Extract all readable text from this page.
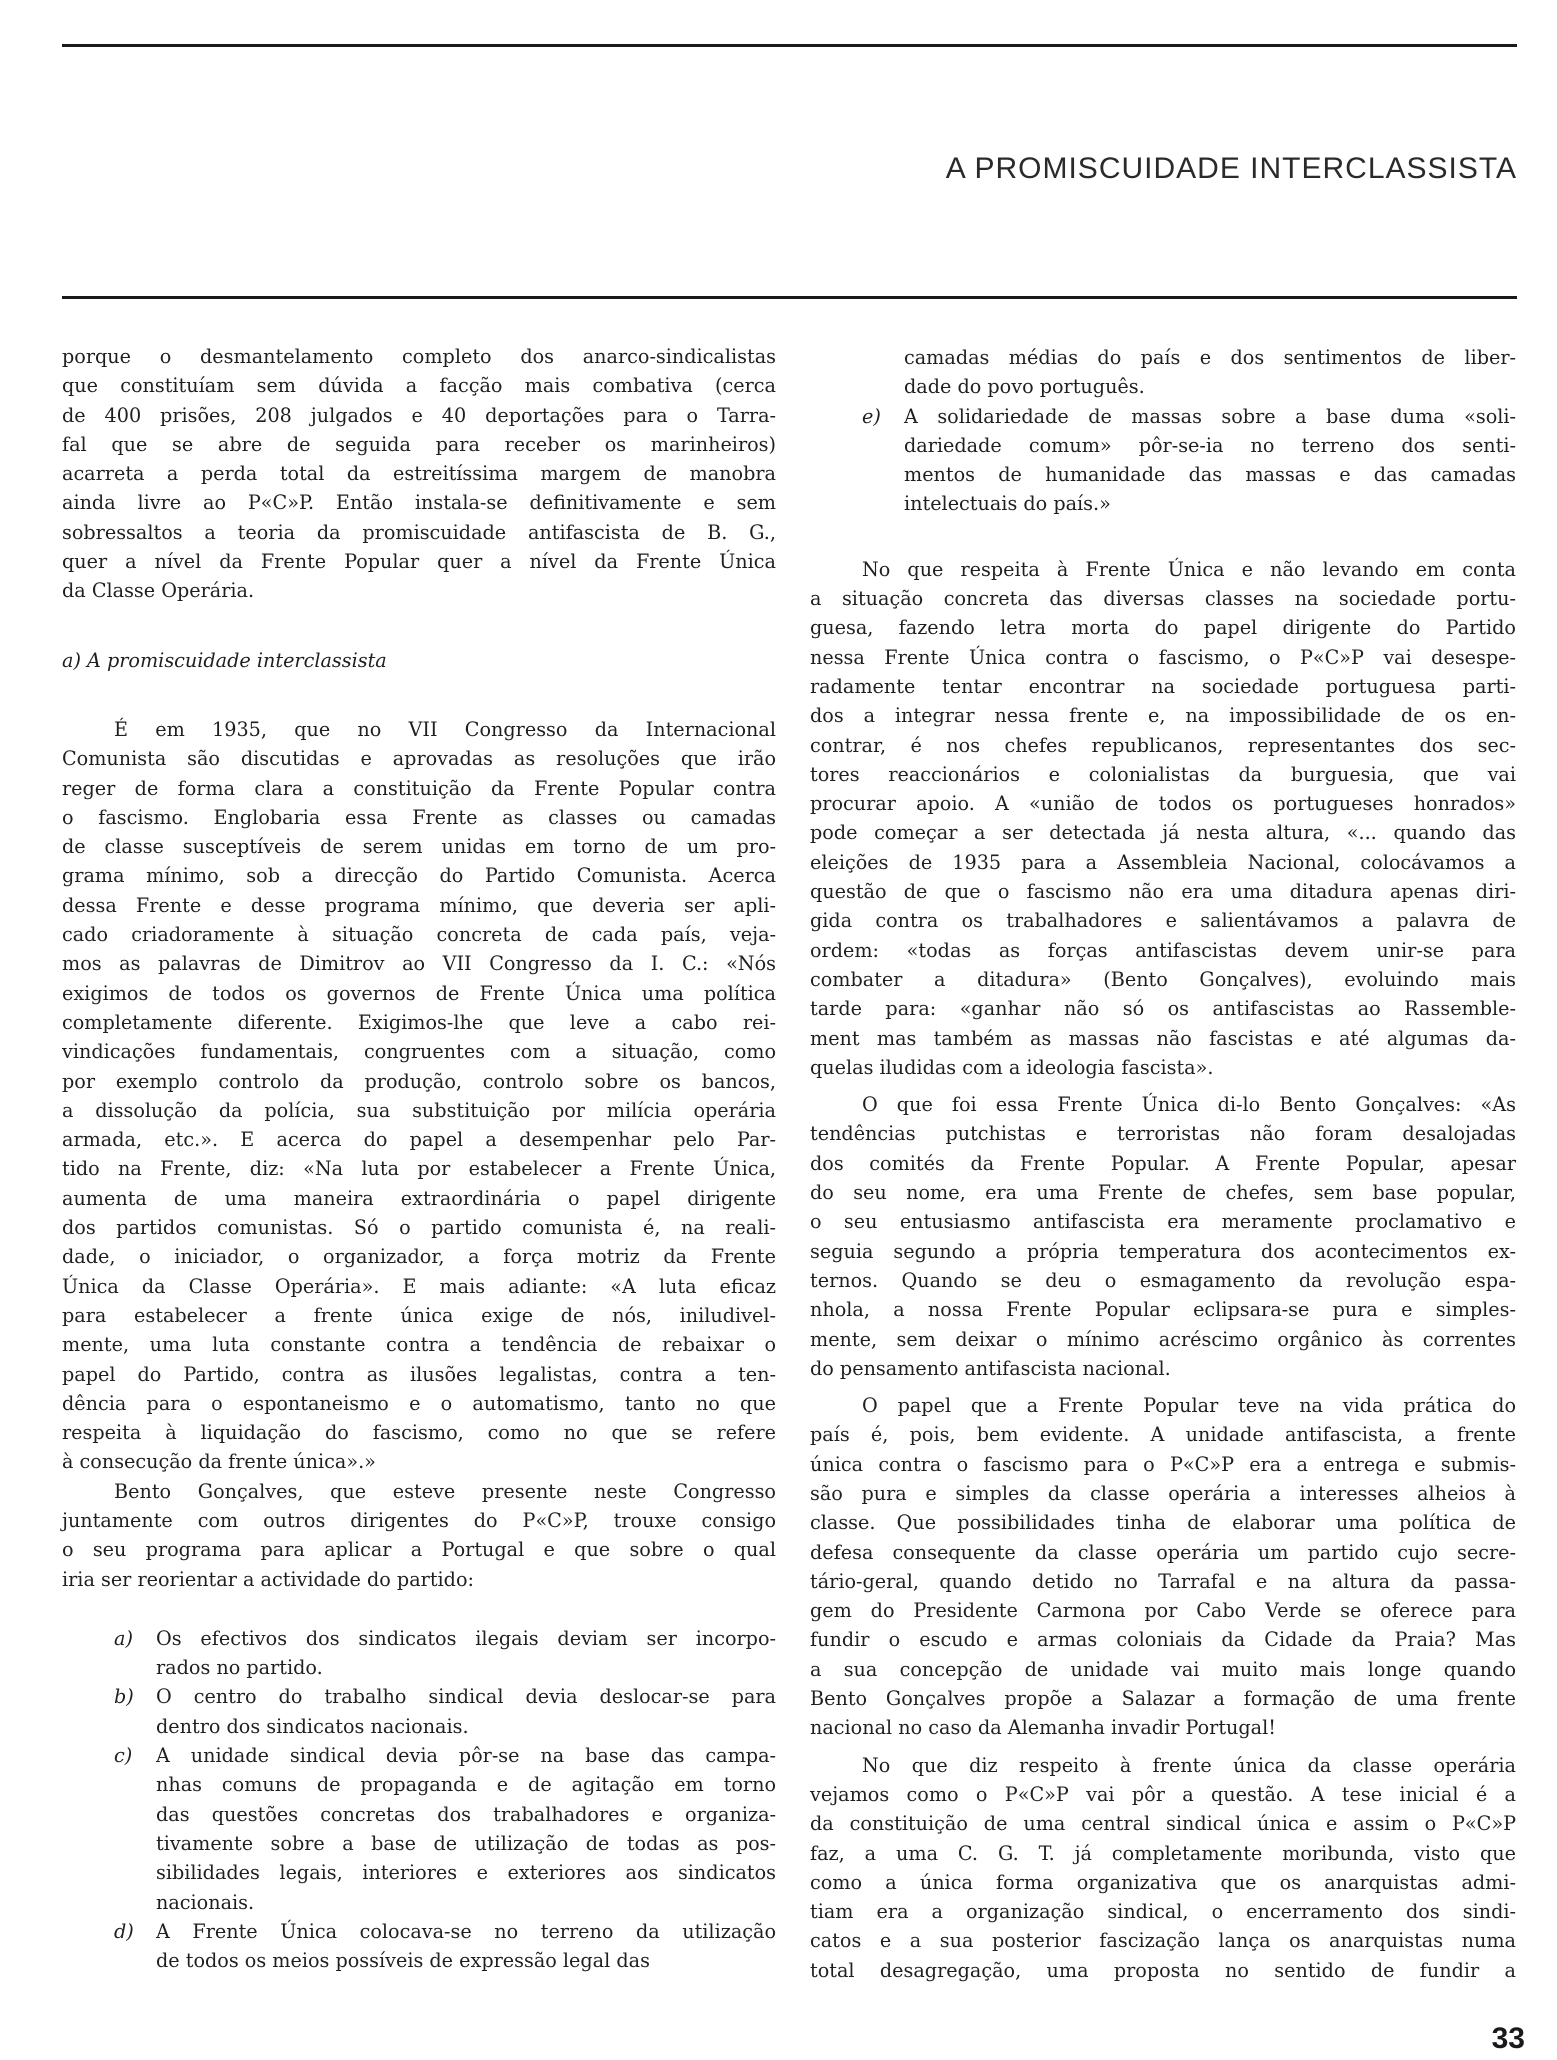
A PROMISCUIDADE INTERCLASSISTA
porque o desmantelamento completo dos anarco-sindicalistas
que constituíam sem dúvida a facção mais combativa (cerca
de 400 prisões, 208 julgados e 40 deportações para o Tarra-
fal que se abre de seguida para receber os marinheiros)
acarreta a perda total da estreitíssima margem de manobra
ainda livre ao P«C»P. Então instala-se definitivamente e sem
sobressaltos a teoria da promiscuidade antifascista de B. G.,
quer a nível da Frente Popular quer a nível da Frente Única
da Classe Operária.
a) A promiscuidade interclassista
É em 1935, que no VII Congresso da Internacional
Comunista são discutidas e aprovadas as resoluções que irão
reger de forma clara a constituição da Frente Popular contra
o fascismo. Englobaria essa Frente as classes ou camadas
de classe susceptíveis de serem unidas em torno de um pro-
grama mínimo, sob a direcção do Partido Comunista. Acerca
dessa Frente e desse programa mínimo, que deveria ser apli-
cado criadoramente à situação concreta de cada país, veja-
mos as palavras de Dimitrov ao VII Congresso da I. C.: «Nós
exigimos de todos os governos de Frente Única uma política
completamente diferente. Exigimos-lhe que leve a cabo rei-
vindicações fundamentais, congruentes com a situação, como
por exemplo controlo da produção, controlo sobre os bancos,
a dissolução da polícia, sua substituição por milícia operária
armada, etc.». E acerca do papel a desempenhar pelo Par-
tido na Frente, diz: «Na luta por estabelecer a Frente Única,
aumenta de uma maneira extraordinária o papel dirigente
dos partidos comunistas. Só o partido comunista é, na reali-
dade, o iniciador, o organizador, a força motriz da Frente
Única da Classe Operária». E mais adiante: «A luta eficaz
para estabelecer a frente única exige de nós, iniludivel-
mente, uma luta constante contra a tendência de rebaixar o
papel do Partido, contra as ilusões legalistas, contra a ten-
dência para o espontaneismo e o automatismo, tanto no que
respeita à liquidação do fascismo, como no que se refere
à consecução da frente única».»
Bento Gonçalves, que esteve presente neste Congresso
juntamente com outros dirigentes do P«C»P, trouxe consigo
o seu programa para aplicar a Portugal e que sobre o qual
iria ser reorientar a actividade do partido:
a) Os efectivos dos sindicatos ilegais deviam ser incorpo-
rados no partido.
b) O centro do trabalho sindical devia deslocar-se para
dentro dos sindicatos nacionais.
c) A unidade sindical devia pôr-se na base das campa-
nhas comuns de propaganda e de agitação em torno
das questões concretas dos trabalhadores e organiza-
tivamente sobre a base de utilização de todas as pos-
sibilidades legais, interiores e exteriores aos sindicatos
nacionais.
d) A Frente Única colocava-se no terreno da utilização
de todos os meios possíveis de expressão legal das
camadas médias do país e dos sentimentos de liber-
dade do povo português.
e) A solidariedade de massas sobre a base duma «soli-
dariedade comum» pôr-se-ia no terreno dos senti-
mentos de humanidade das massas e das camadas
intelectuais do país.»
No que respeita à Frente Única e não levando em conta
a situação concreta das diversas classes na sociedade portu-
guesa, fazendo letra morta do papel dirigente do Partido
nessa Frente Única contra o fascismo, o P«C»P vai desespe-
radamente tentar encontrar na sociedade portuguesa parti-
dos a integrar nessa frente e, na impossibilidade de os en-
contrar, é nos chefes republicanos, representantes dos sec-
tores reaccionários e colonialistas da burguesia, que vai
procurar apoio. A «união de todos os portugueses honrados»
pode começar a ser detectada já nesta altura, «... quando das
eleições de 1935 para a Assembleia Nacional, colocávamos a
questão de que o fascismo não era uma ditadura apenas diri-
gida contra os trabalhadores e salientávamos a palavra de
ordem: «todas as forças antifascistas devem unir-se para
combater a ditadura» (Bento Gonçalves), evoluindo mais
tarde para: «ganhar não só os antifascistas ao Rassemble-
ment mas também as massas não fascistas e até algumas da-
quelas iludidas com a ideologia fascista».
O que foi essa Frente Única di-lo Bento Gonçalves: «As
tendências putchistas e terroristas não foram desalojadas
dos comités da Frente Popular. A Frente Popular, apesar
do seu nome, era uma Frente de chefes, sem base popular,
o seu entusiasmo antifascista era meramente proclamativo e
seguia segundo a própria temperatura dos acontecimentos ex-
ternos. Quando se deu o esmagamento da revolução espa-
nhola, a nossa Frente Popular eclipsara-se pura e simples-
mente, sem deixar o mínimo acréscimo orgânico às correntes
do pensamento antifascista nacional.
O papel que a Frente Popular teve na vida prática do
país é, pois, bem evidente. A unidade antifascista, a frente
única contra o fascismo para o P«C»P era a entrega e submis-
são pura e simples da classe operária a interesses alheios à
classe. Que possibilidades tinha de elaborar uma política de
defesa consequente da classe operária um partido cujo secre-
tário-geral, quando detido no Tarrafal e na altura da passa-
gem do Presidente Carmona por Cabo Verde se oferece para
fundir o escudo e armas coloniais da Cidade da Praia? Mas
a sua concepção de unidade vai muito mais longe quando
Bento Gonçalves propõe a Salazar a formação de uma frente
nacional no caso da Alemanha invadir Portugal!
No que diz respeito à frente única da classe operária
vejamos como o P«C»P vai pôr a questão. A tese inicial é a
da constituição de uma central sindical única e assim o P«C»P
faz, a uma C. G. T. já completamente moribunda, visto que
como a única forma organizativa que os anarquistas admi-
tiam era a organização sindical, o encerramento dos sindi-
catos e a sua posterior fascização lança os anarquistas numa
total desagregação, uma proposta no sentido de fundir a
33
